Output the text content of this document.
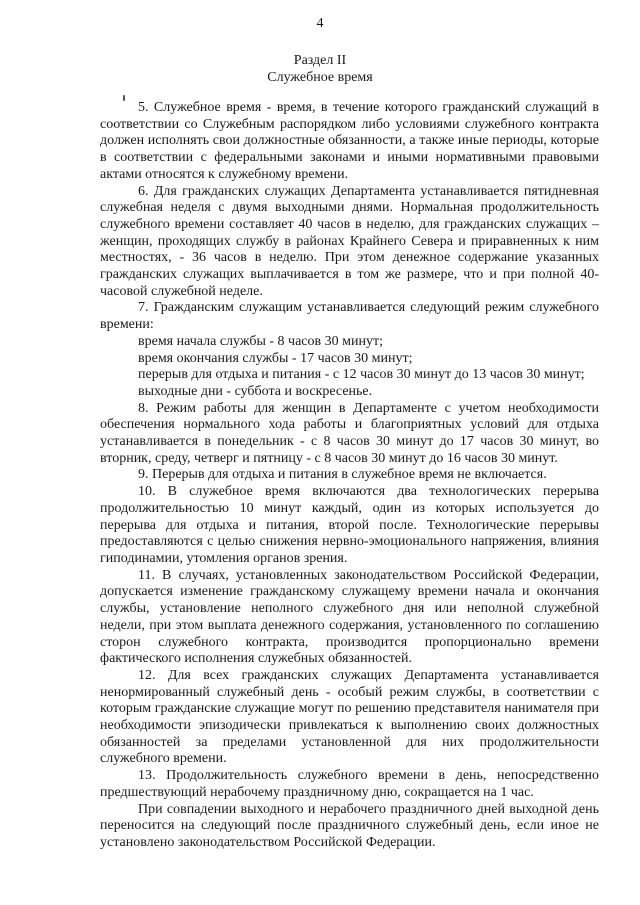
4
Раздел II
Служебное время

5. Служебное время - время, в течение которого гражданский служащий в соответствии со Служебным распорядком либо условиями служебного контракта должен исполнять свои должностные обязанности, а также иные периоды, которые в соответствии с федеральными законами и иными нормативными правовыми актами относятся к служебному времени.

6. Для гражданских служащих Департамента устанавливается пятидневная служебная неделя с двумя выходными днями. Нормальная продолжительность служебного времени составляет 40 часов в неделю, для гражданских служащих – женщин, проходящих службу в районах Крайнего Севера и приравненных к ним местностях, - 36 часов в неделю. При этом денежное содержание указанных гражданских служащих выплачивается в том же размере, что и при полной 40-часовой служебной неделе.

7. Гражданским служащим устанавливается следующий режим служебного времени:

время начала службы - 8 часов 30 минут;

время окончания службы - 17 часов 30 минут;

перерыв для отдыха и питания - с 12 часов 30 минут до 13 часов 30 минут;

выходные дни - суббота и воскресенье.

8. Режим работы для женщин в Департаменте с учетом необходимости обеспечения нормального хода работы и благоприятных условий для отдыха устанавливается в понедельник - с 8 часов 30 минут до 17 часов 30 минут, во вторник, среду, четверг и пятницу - с 8 часов 30 минут до 16 часов 30 минут.

9. Перерыв для отдыха и питания в служебное время не включается.

10. В служебное время включаются два технологических перерыва продолжительностью 10 минут каждый, один из которых используется до перерыва для отдыха и питания, второй после. Технологические перерывы предоставляются с целью снижения нервно-эмоционального напряжения, влияния гиподинамии, утомления органов зрения.

11. В случаях, установленных законодательством Российской Федерации, допускается изменение гражданскому служащему времени начала и окончания службы, установление неполного служебного дня или неполной служебной недели, при этом выплата денежного содержания, установленного по соглашению сторон служебного контракта, производится пропорционально времени фактического исполнения служебных обязанностей.

12. Для всех гражданских служащих Департамента устанавливается ненормированный служебный день - особый режим службы, в соответствии с которым гражданские служащие могут по решению представителя нанимателя при необходимости эпизодически привлекаться к выполнению своих должностных обязанностей за пределами установленной для них продолжительности служебного времени.

13. Продолжительность служебного времени в день, непосредственно предшествующий нерабочему праздничному дню, сокращается на 1 час.

При совпадении выходного и нерабочего праздничного дней выходной день переносится на следующий после праздничного служебный день, если иное не установлено законодательством Российской Федерации.
